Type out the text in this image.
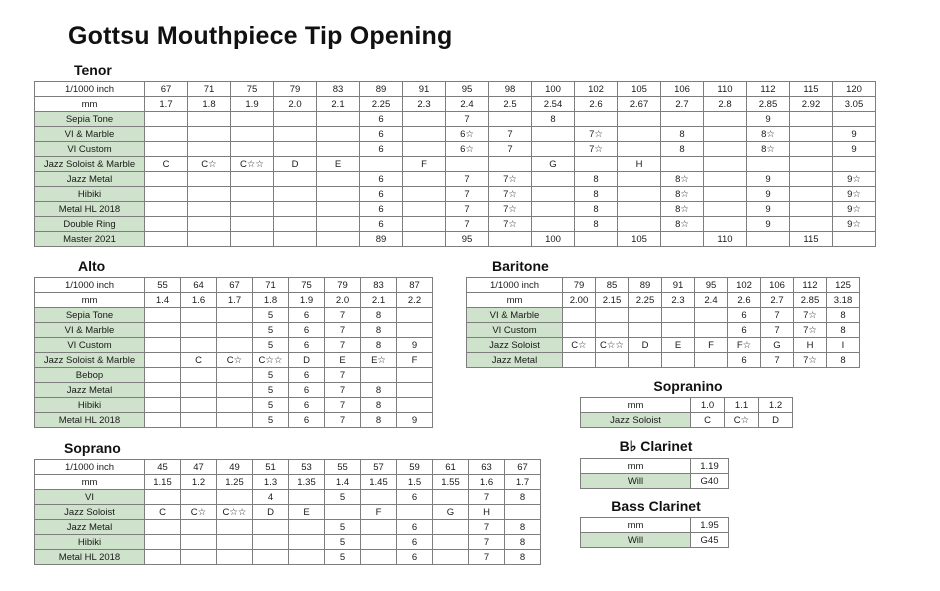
Gottsu Mouthpiece Tip Opening
Tenor
1/1000 inch	67	71	75	79	83	89	91	95	98	100	102	105	106	110	112	115	120
mm	1.7	1.8	1.9	2.0	2.1	2.25	2.3	2.4	2.5	2.54	2.6	2.67	2.7	2.8	2.85	2.92	3.05
Sepia Tone						6		7		8					9		
VI & Marble						6		6☆	7		7☆		8		8☆		9
VI Custom						6		6☆	7		7☆		8		8☆		9
Jazz Soloist & Marble	C	C☆	C☆☆	D	E		F			G		H					
Jazz Metal						6		7	7☆		8		8☆		9		9☆
Hibiki						6		7	7☆		8		8☆		9		9☆
Metal HL 2018						6		7	7☆		8		8☆		9		9☆
Double Ring						6		7	7☆		8		8☆		9		9☆
Master 2021						89		95		100		105		110		115	
Alto
1/1000 inch	55	64	67	71	75	79	83	87
mm	1.4	1.6	1.7	1.8	1.9	2.0	2.1	2.2
Sepia Tone				5	6	7	8	
VI & Marble				5	6	7	8	
VI Custom				5	6	7	8	9
Jazz Soloist & Marble		C	C☆	C☆☆	D	E	E☆	F
Bebop				5	6	7		
Jazz Metal				5	6	7	8	
Hibiki				5	6	7	8	
Metal HL 2018				5	6	7	8	9
Baritone
1/1000 inch	79	85	89	91	95	102	106	112	125
mm	2.00	2.15	2.25	2.3	2.4	2.6	2.7	2.85	3.18
VI & Marble						6	7	7☆	8
VI Custom						6	7	7☆	8
Jazz Soloist	C☆	C☆☆	D	E	F	F☆	G	H	I
Jazz Metal						6	7	7☆	8
Soprano
1/1000 inch	45	47	49	51	53	55	57	59	61	63	67
mm	1.15	1.2	1.25	1.3	1.35	1.4	1.45	1.5	1.55	1.6	1.7
VI				4		5		6		7	8
Jazz Soloist	C	C☆	C☆☆	D	E		F		G	H	
Jazz Metal						5		6		7	8
Hibiki						5		6		7	8
Metal HL 2018						5		6		7	8
Sopranino
mm	1.0	1.1	1.2
Jazz Soloist	C	C☆	D
B♭ Clarinet
mm	1.19
Will	G40
Bass Clarinet
mm	1.95
Will	G45
